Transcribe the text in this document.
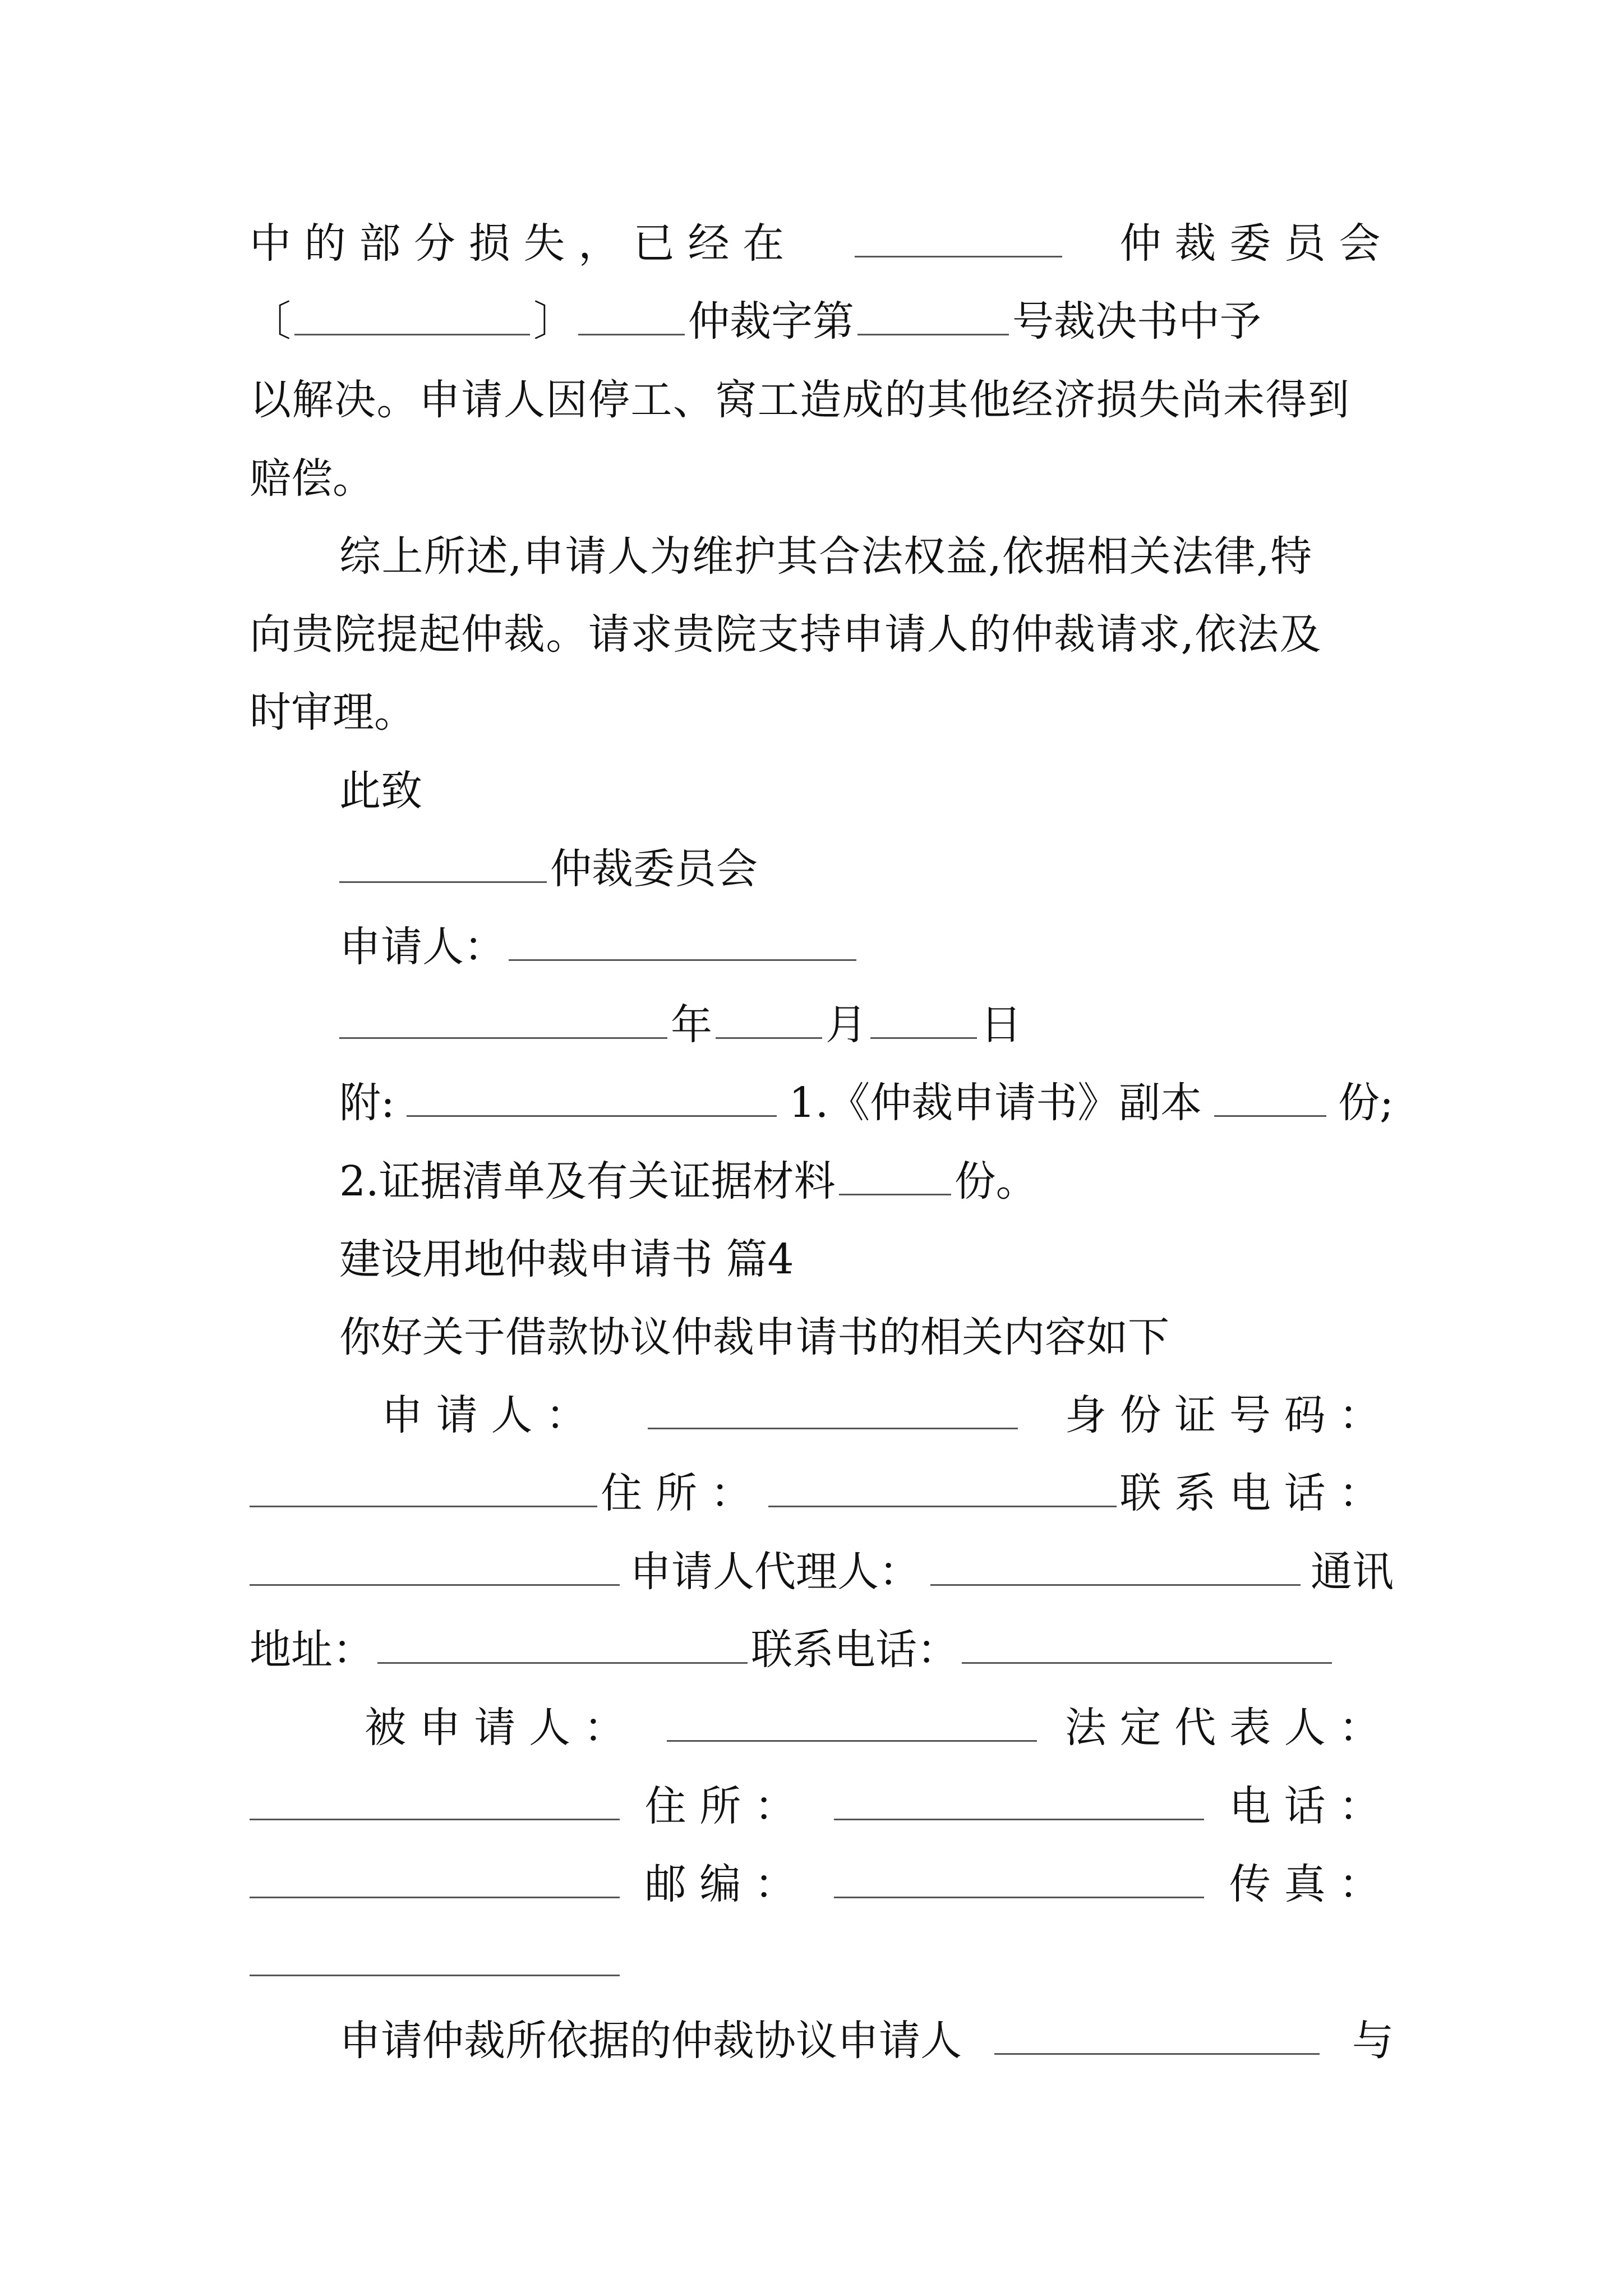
中的部分损失，已经在	仲裁委员会
〔	〕	仲裁字第	号裁决书中予
以解决。申请人因停工、窝工造成的其他经济损失尚未得到
赔偿。
综上所述,申请人为维护其合法权益,依据相关法律,特
向贵院提起仲裁。请求贵院支持申请人的仲裁请求,依法及
时审理。
此致
仲裁委员会
申请人：
年	月	日
附:	1.《仲裁申请书》副本	份;
2.证据清单及有关证据材料	份。
建设用地仲裁申请书 篇4
你好关于借款协议仲裁申请书的相关内容如下
申请人：	身份证号码：
住所：	联系电话：
申请人代理人：	通讯
地址：	联系电话：
被申请人：	法定代表人：
住所：	电话：
邮编：	传真：
申请仲裁所依据的仲裁协议申请人	与
